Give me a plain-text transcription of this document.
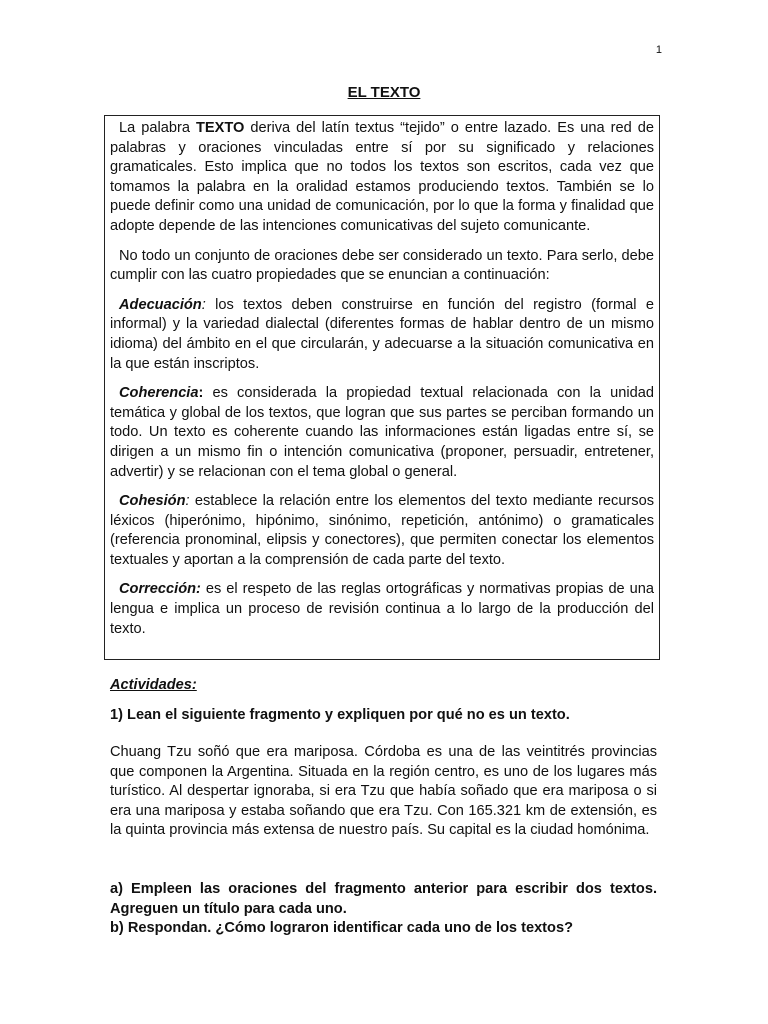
1
EL TEXTO

La palabra TEXTO deriva del latín textus “tejido” o entre lazado. Es una red de palabras y oraciones vinculadas entre sí por su significado y relaciones gramaticales. Esto implica que no todos los textos son escritos, cada vez que tomamos la palabra en la oralidad estamos produciendo textos. También se lo puede definir como una unidad de comunicación, por lo que la forma y finalidad que adopte depende de las intenciones comunicativas del sujeto comunicante.

No todo un conjunto de oraciones debe ser considerado un texto. Para serlo, debe cumplir con las cuatro propiedades que se enuncian a continuación:

Adecuación: los textos deben construirse en función del registro (formal e informal) y la variedad dialectal (diferentes formas de hablar dentro de un mismo idioma) del ámbito en el que circularán, y adecuarse a la situación comunicativa en la que están inscriptos.

Coherencia: es considerada la propiedad textual relacionada con la unidad temática y global de los textos, que logran que sus partes se perciban formando un todo. Un texto es coherente cuando las informaciones están ligadas entre sí, se dirigen a un mismo fin o intención comunicativa (proponer, persuadir, entretener, advertir) y se relacionan con el tema global o general.

Cohesión: establece la relación entre los elementos del texto mediante recursos léxicos (hiperónimo, hipónimo, sinónimo, repetición, antónimo) o gramaticales (referencia pronominal, elipsis y conectores), que permiten conectar los elementos textuales y aportan a la comprensión de cada parte del texto.

Corrección: es el respeto de las reglas ortográficas y normativas propias de una lengua e implica un proceso de revisión continua a lo largo de la producción del texto.

Actividades:
1) Lean el siguiente fragmento y expliquen por qué no es un texto.
Chuang Tzu soñó que era mariposa. Córdoba es una de las veintitrés provincias que componen la Argentina. Situada en la región centro, es uno de los lugares más turístico. Al despertar ignoraba, si era Tzu que había soñado que era mariposa o si era una mariposa y estaba soñando que era Tzu. Con 165.321 km de extensión, es la quinta provincia más extensa de nuestro país. Su capital es la ciudad homónima.
a) Empleen las oraciones del fragmento anterior para escribir dos textos. Agreguen un título para cada uno.
b) Respondan. ¿Cómo lograron identificar cada uno de los textos?
